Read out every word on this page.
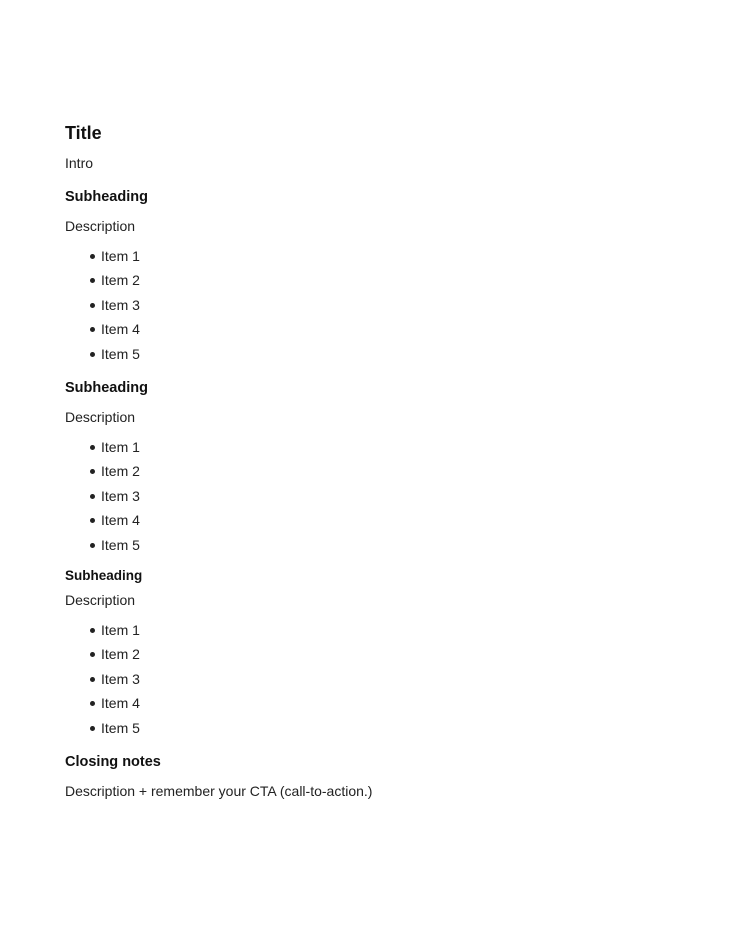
Title

Intro

Subheading

Description

Item 1
Item 2
Item 3
Item 4
Item 5
Subheading

Description

Item 1
Item 2
Item 3
Item 4
Item 5
Subheading

Description

Item 1
Item 2
Item 3
Item 4
Item 5
Closing notes

Description + remember your CTA (call-to-action.)
